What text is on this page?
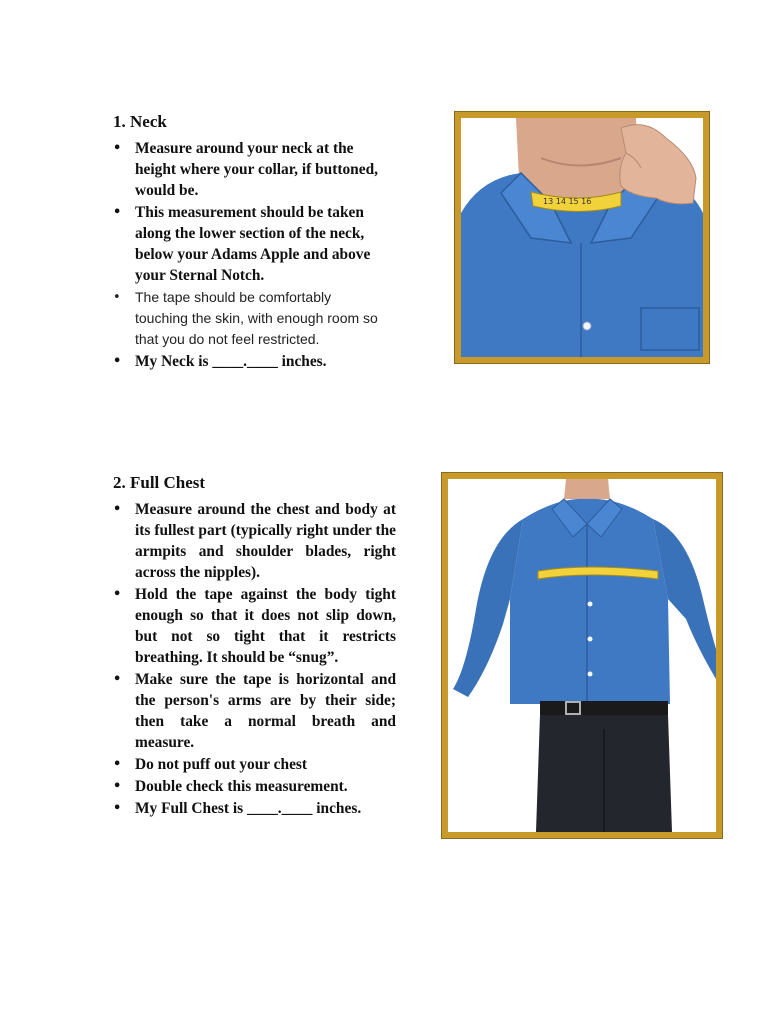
1. Neck
• Measure around your neck at the height where your collar, if buttoned, would be.
• This measurement should be taken along the lower section of the neck, below your Adams Apple and above your Sternal Notch.
• The tape should be comfortably touching the skin, with enough room so that you do not feel restricted.
• My Neck is ____.____ inches.
13 14 15 16
2. Full Chest
• Measure around the chest and body at its fullest part (typically right under the armpits and shoulder blades, right across the nipples).
• Hold the tape against the body tight enough so that it does not slip down, but not so tight that it restricts breathing. It should be “snug”.
• Make sure the tape is horizontal and the person's arms are by their side; then take a normal breath and measure.
• Do not puff out your chest
• Double check this measurement.
• My Full Chest is ____.____ inches.
